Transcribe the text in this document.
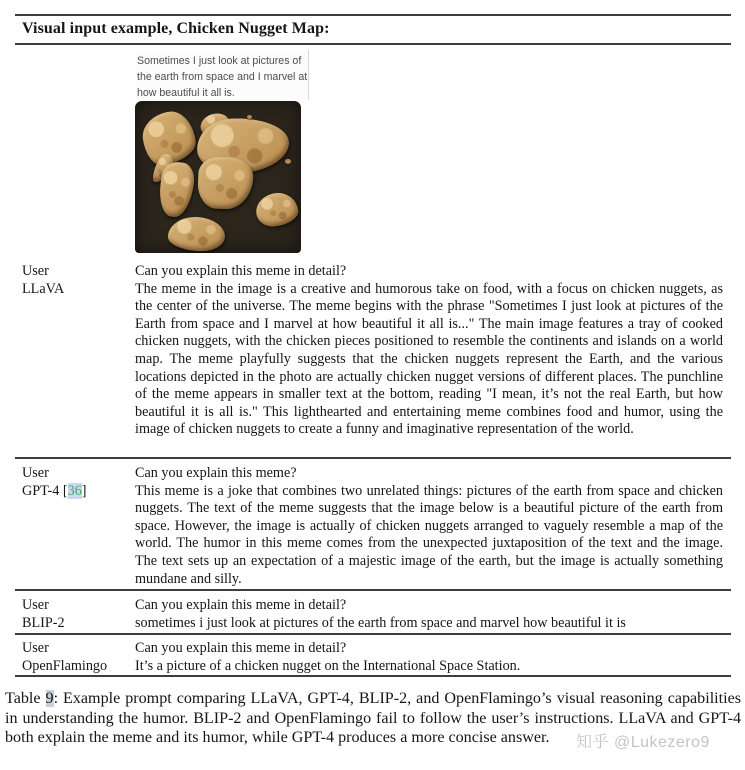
Visual input example, Chicken Nugget Map:
Sometimes I just look at pictures of
the earth from space and I marvel at
how beautiful it all is.
User
LLaVA
Can you explain this meme in detail?

The meme in the image is a creative and humorous take on food, with a focus on chicken nuggets, as the center of the universe. The meme begins with the phrase "Sometimes I just look at pictures of the Earth from space and I marvel at how beautiful it all is..." The main image features a tray of cooked chicken nuggets, with the chicken pieces positioned to resemble the continents and islands on a world map. The meme playfully suggests that the chicken nuggets represent the Earth, and the various locations depicted in the photo are actually chicken nugget versions of different places. The punchline of the meme appears in smaller text at the bottom, reading "I mean, it’s not the real Earth, but how beautiful it is all is." This lighthearted and entertaining meme combines food and humor, using the image of chicken nuggets to create a funny and imaginative representation of the world.

User
GPT-4 [36]
Can you explain this meme?

This meme is a joke that combines two unrelated things: pictures of the earth from space and chicken nuggets. The text of the meme suggests that the image below is a beautiful picture of the earth from space. However, the image is actually of chicken nuggets arranged to vaguely resemble a map of the world. The humor in this meme comes from the unexpected juxtaposition of the text and the image. The text sets up an expectation of a majestic image of the earth, but the image is actually something mundane and silly.

User
BLIP-2
Can you explain this meme in detail?

sometimes i just look at pictures of the earth from space and marvel how beautiful it is

User
OpenFlamingo
Can you explain this meme in detail?

It’s a picture of a chicken nugget on the International Space Station.

Table 9: Example prompt comparing LLaVA, GPT-4, BLIP-2, and OpenFlamingo’s visual reasoning capabilities in understanding the humor. BLIP-2 and OpenFlamingo fail to follow the user’s instructions. LLaVA and GPT-4 both explain the meme and its humor, while GPT-4 produces a more concise answer.	知乎 @Lukezero9
